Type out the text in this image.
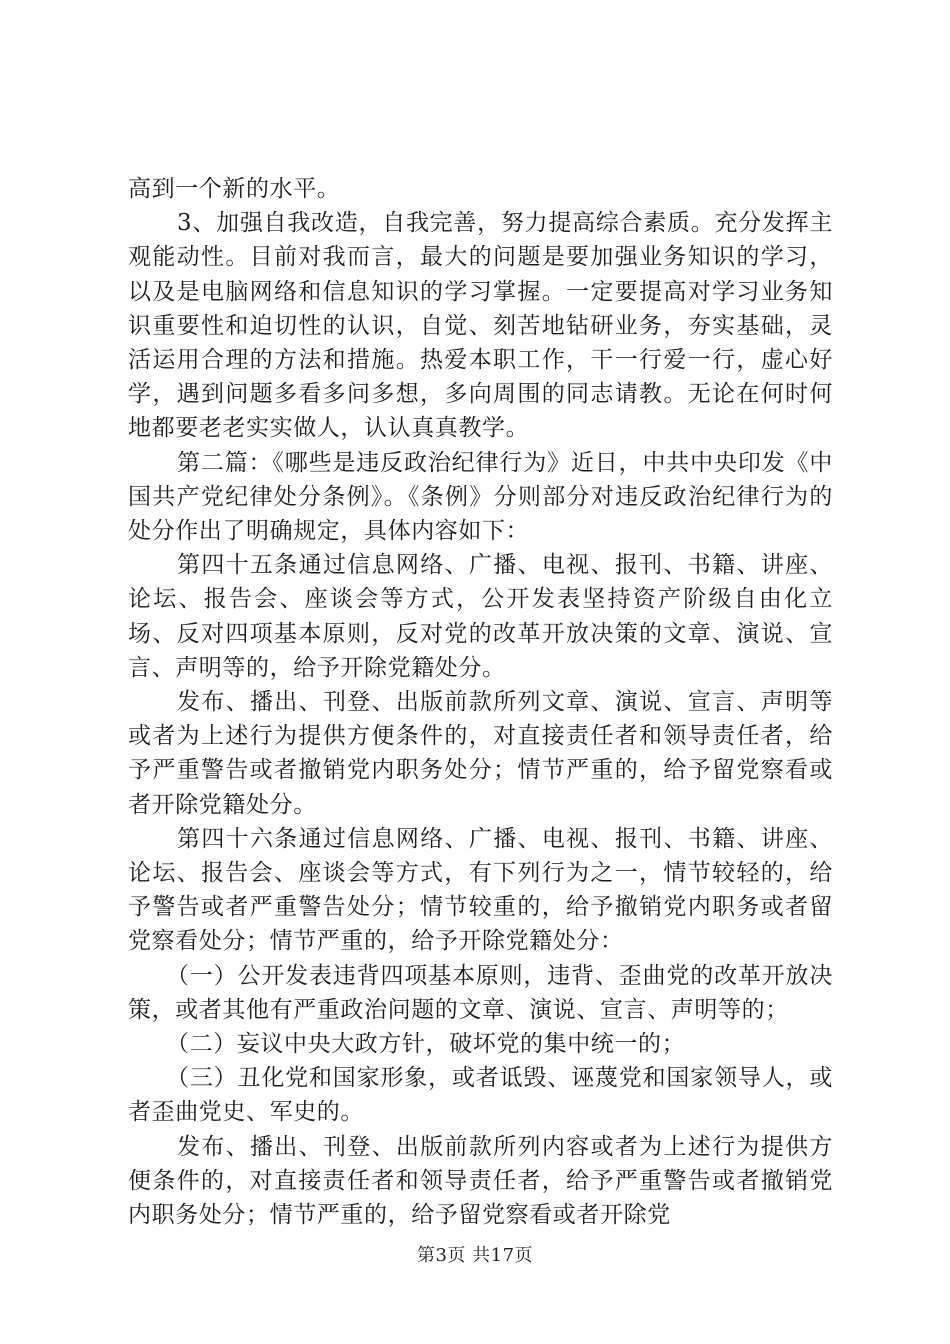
高到一个新的水平。

3、加强自我改造，自我完善，努力提高综合素质。充分发挥主观能动性。目前对我而言，最大的问题是要加强业务知识的学习，以及是电脑网络和信息知识的学习掌握。一定要提高对学习业务知识重要性和迫切性的认识，自觉、刻苦地钻研业务，夯实基础，灵活运用合理的方法和措施。热爱本职工作，干一行爱一行，虚心好学，遇到问题多看多问多想，多向周围的同志请教。无论在何时何地都要老老实实做人，认认真真教学。

第二篇：《哪些是违反政治纪律行为》近日，中共中央印发《中国共产党纪律处分条例》。《条例》分则部分对违反政治纪律行为的处分作出了明确规定，具体内容如下：

第四十五条通过信息网络、广播、电视、报刊、书籍、讲座、论坛、报告会、座谈会等方式，公开发表坚持资产阶级自由化立场、反对四项基本原则，反对党的改革开放决策的文章、演说、宣言、声明等的，给予开除党籍处分。

发布、播出、刊登、出版前款所列文章、演说、宣言、声明等或者为上述行为提供方便条件的，对直接责任者和领导责任者，给予严重警告或者撤销党内职务处分；情节严重的，给予留党察看或者开除党籍处分。

第四十六条通过信息网络、广播、电视、报刊、书籍、讲座、论坛、报告会、座谈会等方式，有下列行为之一，情节较轻的，给予警告或者严重警告处分；情节较重的，给予撤销党内职务或者留党察看处分；情节严重的，给予开除党籍处分：

（一）公开发表违背四项基本原则，违背、歪曲党的改革开放决策，或者其他有严重政治问题的文章、演说、宣言、声明等的；

（二）妄议中央大政方针，破坏党的集中统一的；

（三）丑化党和国家形象，或者诋毁、诬蔑党和国家领导人，或者歪曲党史、军史的。

发布、播出、刊登、出版前款所列内容或者为上述行为提供方便条件的，对直接责任者和领导责任者，给予严重警告或者撤销党内职务处分；情节严重的，给予留党察看或者开除党

第3页 共17页
